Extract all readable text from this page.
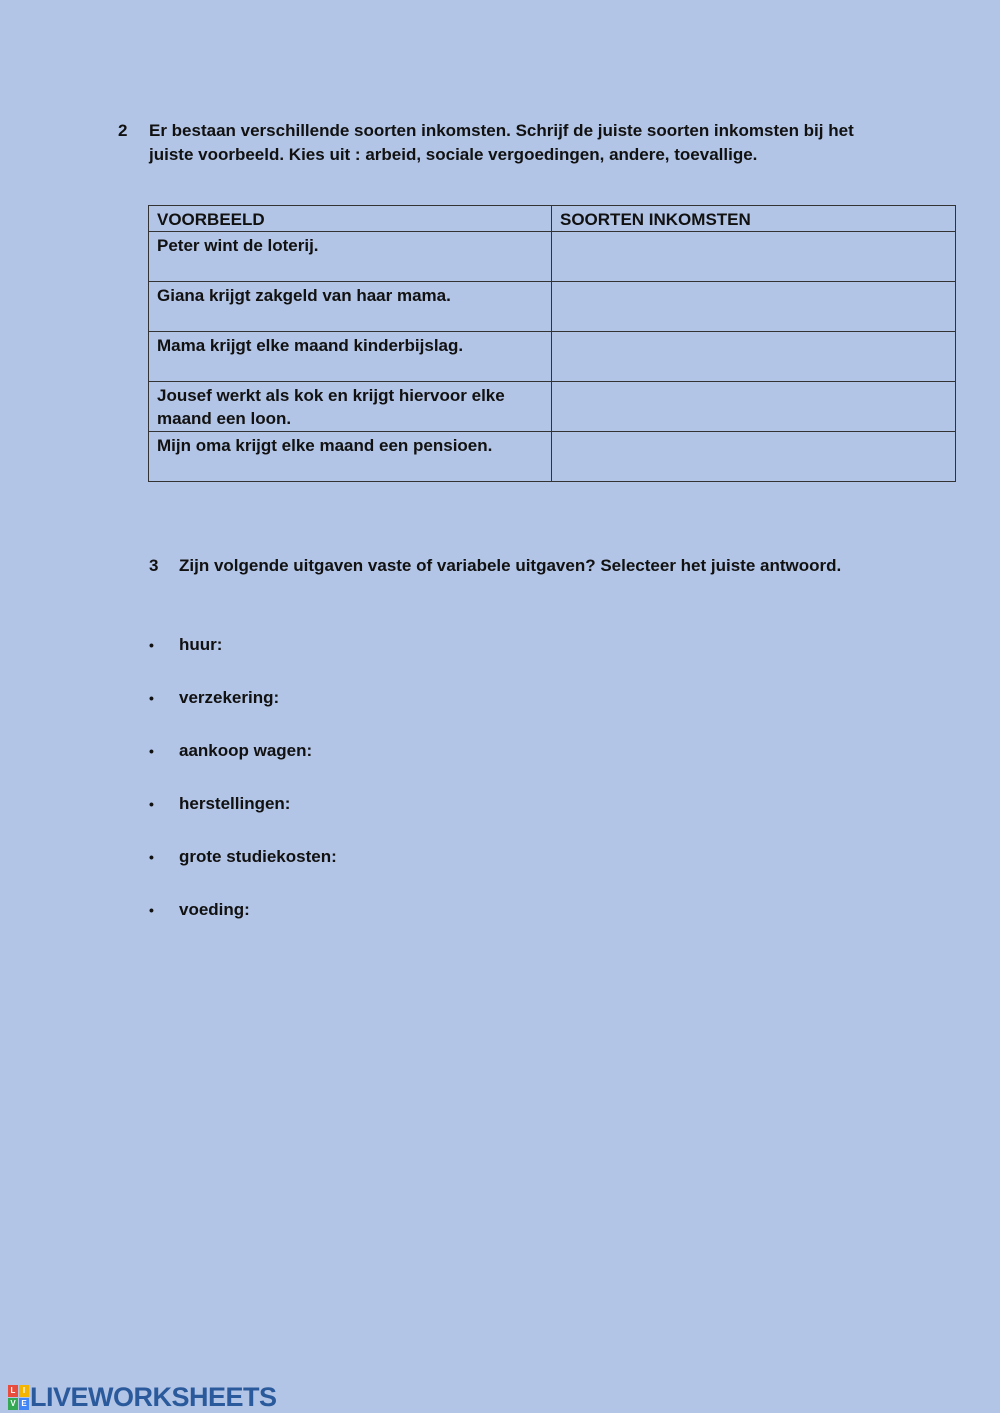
2	Er bestaan verschillende soorten inkomsten. Schrijf de juiste soorten inkomsten bij het juiste voorbeeld. Kies uit : arbeid, sociale vergoedingen, andere, toevallige.
VOORBEELD	SOORTEN INKOMSTEN
Peter wint de loterij.	
Giana krijgt zakgeld van haar mama.	
Mama krijgt elke maand kinderbijslag.	
Jousef werkt als kok en krijgt hiervoor elke maand een loon.	
Mijn oma krijgt elke maand een pensioen.	
3	Zijn volgende uitgaven vaste of variabele uitgaven? Selecteer het juiste antwoord.
•	huur:
•	verzekering:
•	aankoop wagen:
•	herstellingen:
•	grote studiekosten:
•	voeding:
L I
V E LIVEWORKSHEETS
